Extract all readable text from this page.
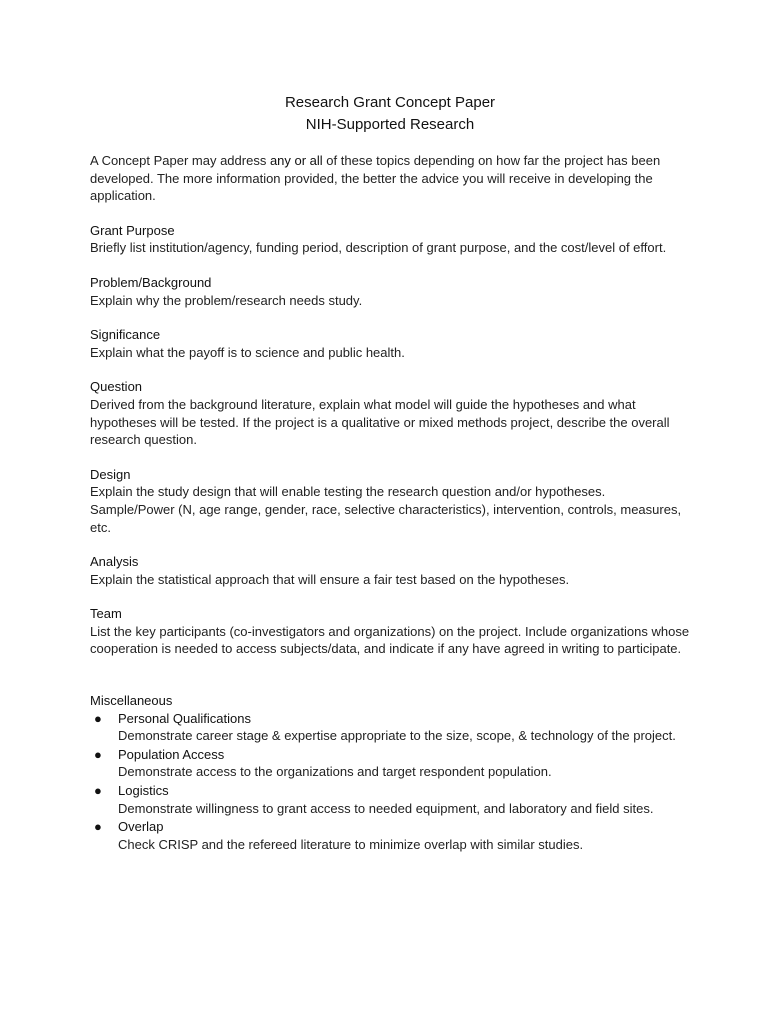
Research Grant Concept Paper
NIH-Supported Research

A Concept Paper may address any or all of these topics depending on how far the project has been developed. The more information provided, the better the advice you will receive in developing the application.

Grant Purpose
Briefly list institution/agency, funding period, description of grant purpose, and the cost/level of effort.
Problem/Background
Explain why the problem/research needs study.
Significance
Explain what the payoff is to science and public health.
Question
Derived from the background literature, explain what model will guide the hypotheses and what hypotheses will be tested. If the project is a qualitative or mixed methods project, describe the overall research question.
Design
Explain the study design that will enable testing the research question and/or hypotheses. Sample/Power (N, age range, gender, race, selective characteristics), intervention, controls, measures, etc.
Analysis
Explain the statistical approach that will ensure a fair test based on the hypotheses.
Team
List the key participants (co-investigators and organizations) on the project. Include organizations whose cooperation is needed to access subjects/data, and indicate if any have agreed in writing to participate.
Miscellaneous
● Personal Qualifications
Demonstrate career stage & expertise appropriate to the size, scope, & technology of the project.
● Population Access
Demonstrate access to the organizations and target respondent population.
● Logistics
Demonstrate willingness to grant access to needed equipment, and laboratory and field sites.
● Overlap
Check CRISP and the refereed literature to minimize overlap with similar studies.
